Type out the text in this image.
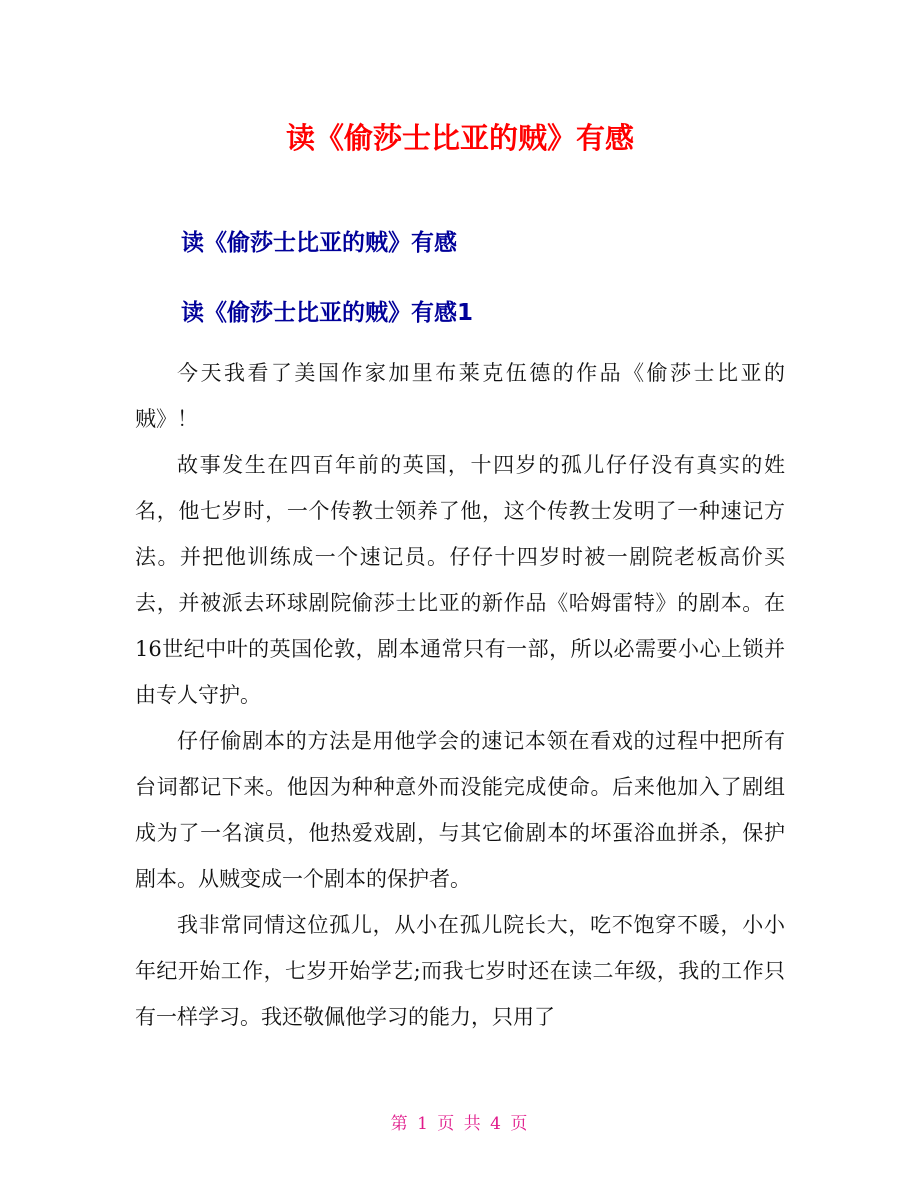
读《偷莎士比亚的贼》有感
读《偷莎士比亚的贼》有感
读《偷莎士比亚的贼》有感1

今天我看了美国作家加里布莱克伍德的作品《偷莎士比亚的贼》！

故事发生在四百年前的英国，十四岁的孤儿仔仔没有真实的姓名，他七岁时，一个传教士领养了他，这个传教士发明了一种速记方法。并把他训练成一个速记员。仔仔十四岁时被一剧院老板高价买去，并被派去环球剧院偷莎士比亚的新作品《哈姆雷特》的剧本。在16世纪中叶的英国伦敦，剧本通常只有一部，所以必需要小心上锁并由专人守护。

仔仔偷剧本的方法是用他学会的速记本领在看戏的过程中把所有台词都记下来。他因为种种意外而没能完成使命。后来他加入了剧组成为了一名演员，他热爱戏剧，与其它偷剧本的坏蛋浴血拼杀，保护剧本。从贼变成一个剧本的保护者。

我非常同情这位孤儿，从小在孤儿院长大，吃不饱穿不暖，小小年纪开始工作，七岁开始学艺;而我七岁时还在读二年级，我的工作只有一样学习。我还敬佩他学习的能力，只用了

第 1 页 共 4 页
